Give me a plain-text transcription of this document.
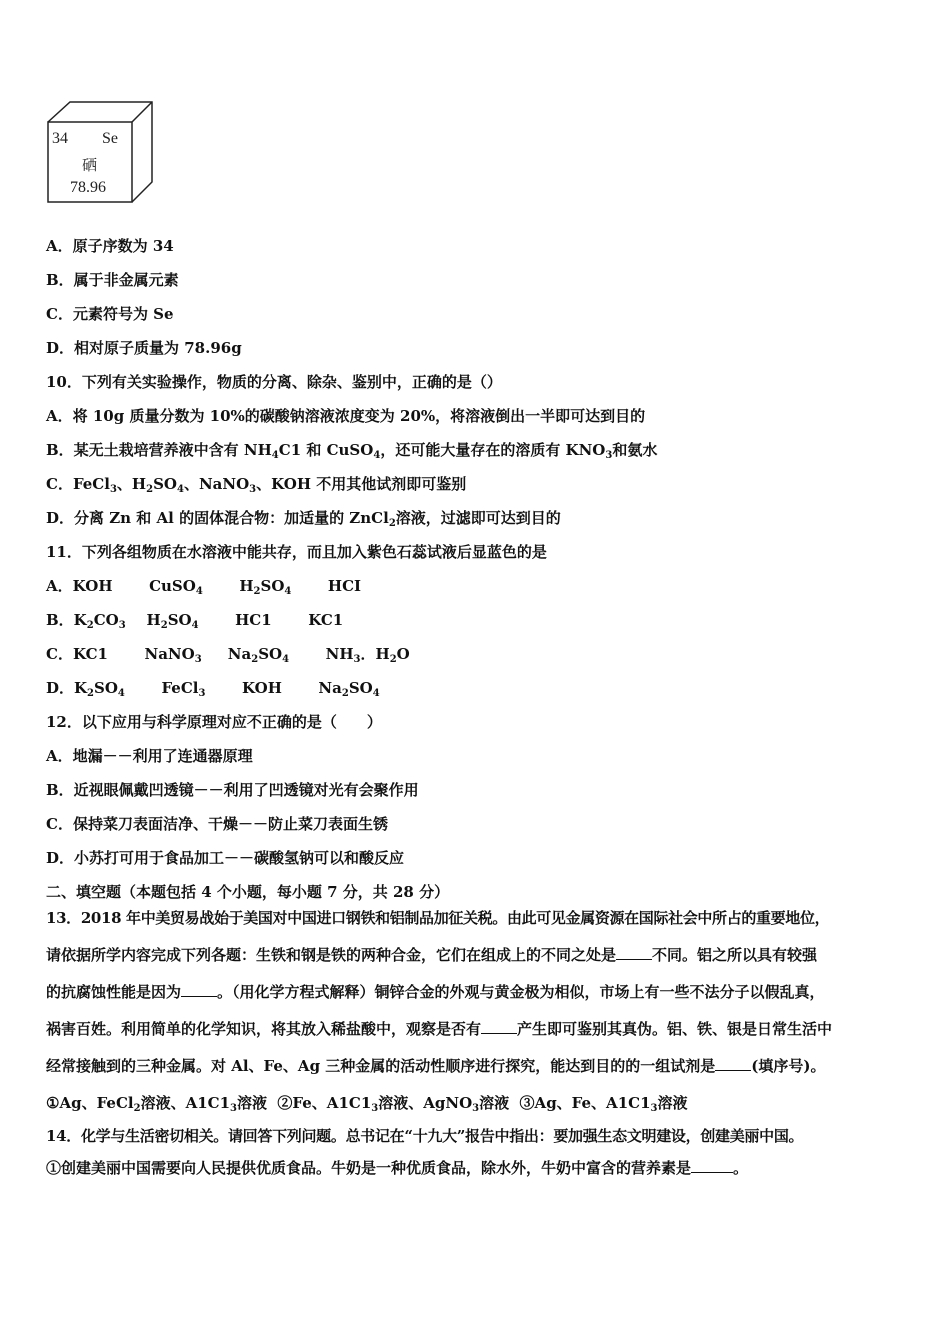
34 Se
硒
78.96
A．原子序数为 34
B．属于非金属元素
C．元素符号为 Se
D．相对原子质量为 78.96g
10．下列有关实验操作，物质的分离、除杂、鉴别中，正确的是（）
A．将 10g 质量分数为 10%的碳酸钠溶液浓度变为 20%，将溶液倒出一半即可达到目的
B．某无土栽培营养液中含有 $NH_4C1$ 和 CuSO$_4$，还可能大量存在的溶质有 $KNO_3$和氨水
C．FeCl$_3$、$H_2SO_4$、NaNO$_3$、KOH 不用其他试剂即可鉴别
D．分离 Zn 和 Al 的固体混合物：加适量的 ZnCl$_2$溶液，过滤即可达到目的
11．下列各组物质在水溶液中能共存，而且加入紫色石蕊试液后显蓝色的是
A．KOH       CuSO$_4$       $H_2SO_4$       HCI
B．$K_2CO_3$    $H_2SO_4$       HC1       KC1
C．KC1       NaNO$_3$     $Na_2SO_4$       $NH_3$．$H_2O$
D．$K_2SO_4$       FeCl$_3$       KOH       $Na_2SO_4$
12．以下应用与科学原理对应不正确的是（　　）
A．地漏－－利用了连通器原理
B．近视眼佩戴凹透镜－－利用了凹透镜对光有会聚作用
C．保持菜刀表面洁净、干燥－－防止菜刀表面生锈
D．小苏打可用于食品加工－－碳酸氢钠可以和酸反应
二、填空题（本题包括 4 个小题，每小题 7 分，共 28 分）
13．2018 年中美贸易战始于美国对中国进口钢铁和铝制品加征关税。由此可见金属资源在国际社会中所占的重要地位，
请依据所学内容完成下列各题：生铁和钢是铁的两种合金，它们在组成上的不同之处是 不同。铝之所以具有较强
的抗腐蚀性能是因为 。（用化学方程式解释）铜锌合金的外观与黄金极为相似，市场上有一些不法分子以假乱真，
祸害百姓。利用简单的化学知识，将其放入稀盐酸中，观察是否有 产生即可鉴别其真伪。铝、铁、银是日常生活中
经常接触到的三种金属。对 Al、Fe、Ag 三种金属的活动性顺序进行探究，能达到目的的一组试剂是 (填序号)。
①Ag、FeCl$_2$溶液、$A1C1_3$溶液  ②Fe、$A1C1_3$溶液、AgNO$_3$溶液  ③Ag、Fe、$A1C1_3$溶液
14．化学与生活密切相关。请回答下列问题。总书记在“十九大”报告中指出：要加强生态文明建设，创建美丽中国。
①创建美丽中国需要向人民提供优质食品。牛奶是一种优质食品，除水外，牛奶中富含的营养素是	。
